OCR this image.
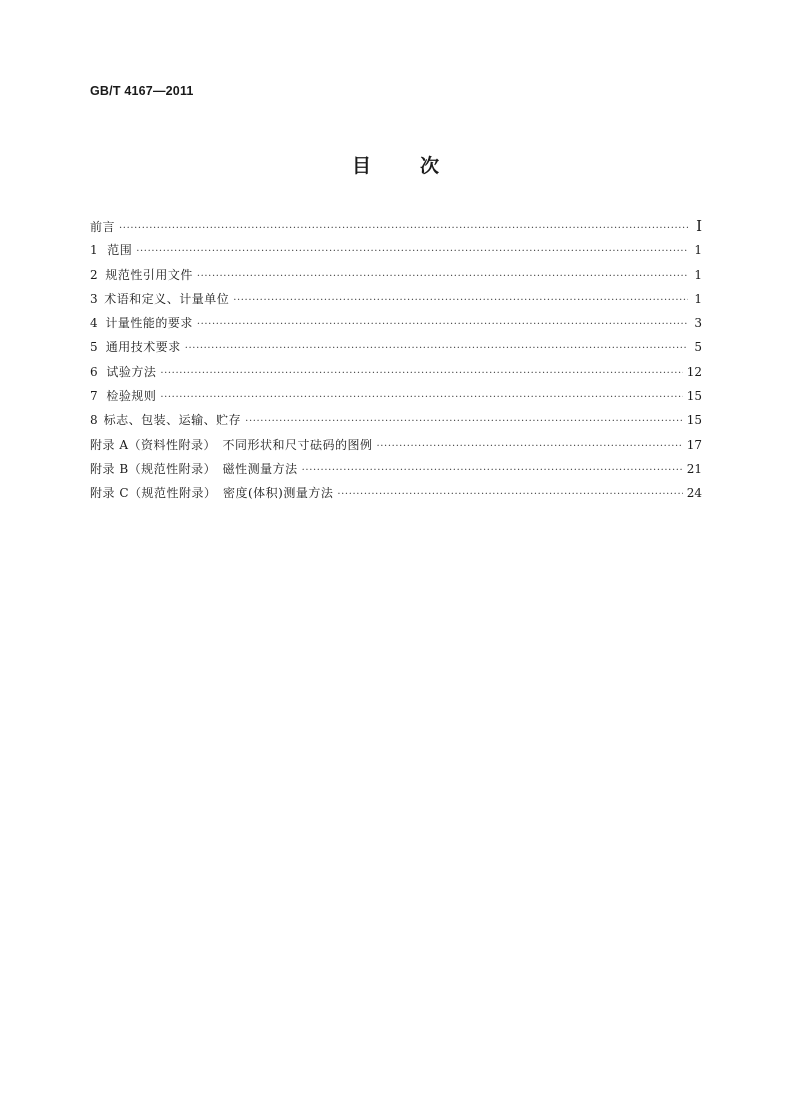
GB/T 4167—2011
目	次
前言 ·····	Ⅰ
1 范围 ·····	1
2 规范性引用文件 ·····	1
3 术语和定义、计量单位 ·····	1
4 计量性能的要求 ·····	3
5 通用技术要求 ·····	5
6 试验方法 ·····	12
7 检验规则 ·····	15
8 标志、包装、运输、贮存 ·····	15
附录 A（资料性附录）　不同形状和尺寸砝码的图例 ·····	17
附录 B（规范性附录）　磁性测量方法 ·····	21
附录 C（规范性附录）　密度(体积)测量方法 ·····	24
